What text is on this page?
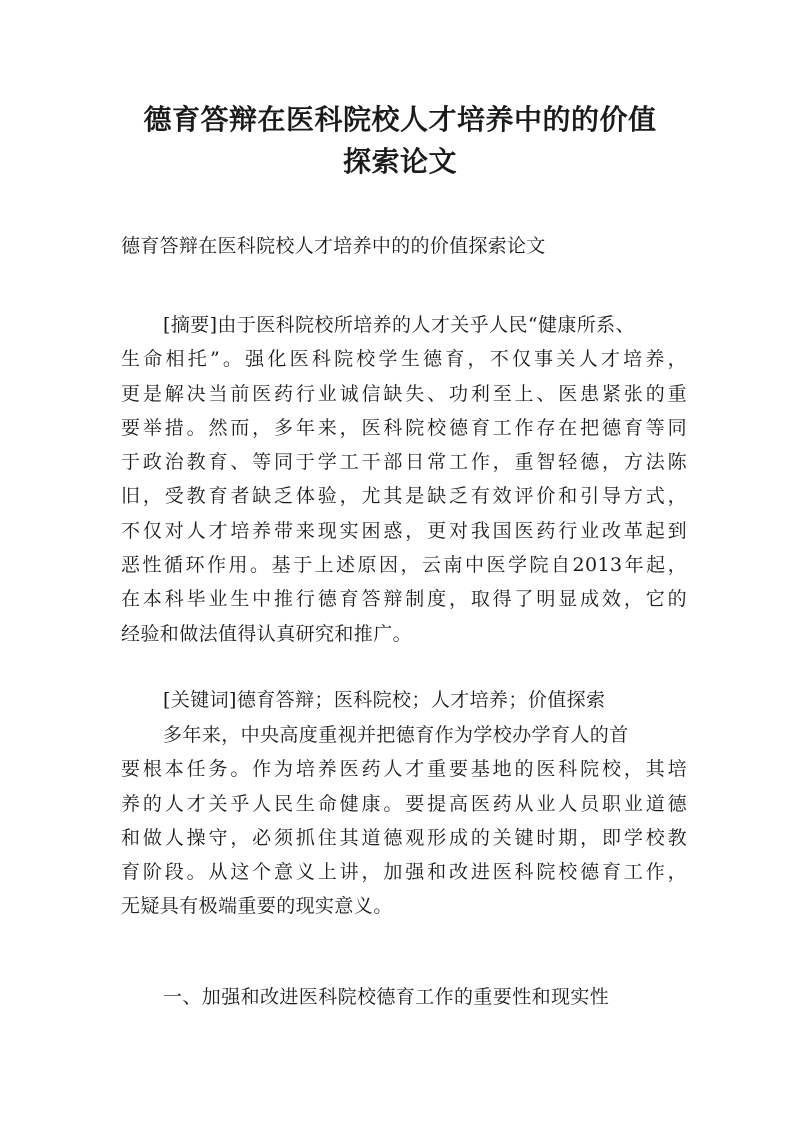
德育答辩在医科院校人才培养中的的价值
探索论文

德育答辩在医科院校人才培养中的的价值探索论文

[摘要]由于医科院校所培养的人才关乎人民“健康所系、
生命相托”。强化医科院校学生德育，不仅事关人才培养，
更是解决当前医药行业诚信缺失、功利至上、医患紧张的重
要举措。然而，多年来，医科院校德育工作存在把德育等同
于政治教育、等同于学工干部日常工作，重智轻德，方法陈
旧，受教育者缺乏体验，尤其是缺乏有效评价和引导方式，
不仅对人才培养带来现实困惑，更对我国医药行业改革起到
恶性循环作用。基于上述原因，云南中医学院自2013年起，
在本科毕业生中推行德育答辩制度，取得了明显成效，它的
经验和做法值得认真研究和推广。
[关键词]德育答辩；医科院校；人才培养；价值探索
多年来，中央高度重视并把德育作为学校办学育人的首
要根本任务。作为培养医药人才重要基地的医科院校，其培
养的人才关乎人民生命健康。要提高医药从业人员职业道德
和做人操守，必须抓住其道德观形成的关键时期，即学校教
育阶段。从这个意义上讲，加强和改进医科院校德育工作，
无疑具有极端重要的现实意义。

一、加强和改进医科院校德育工作的重要性和现实性
